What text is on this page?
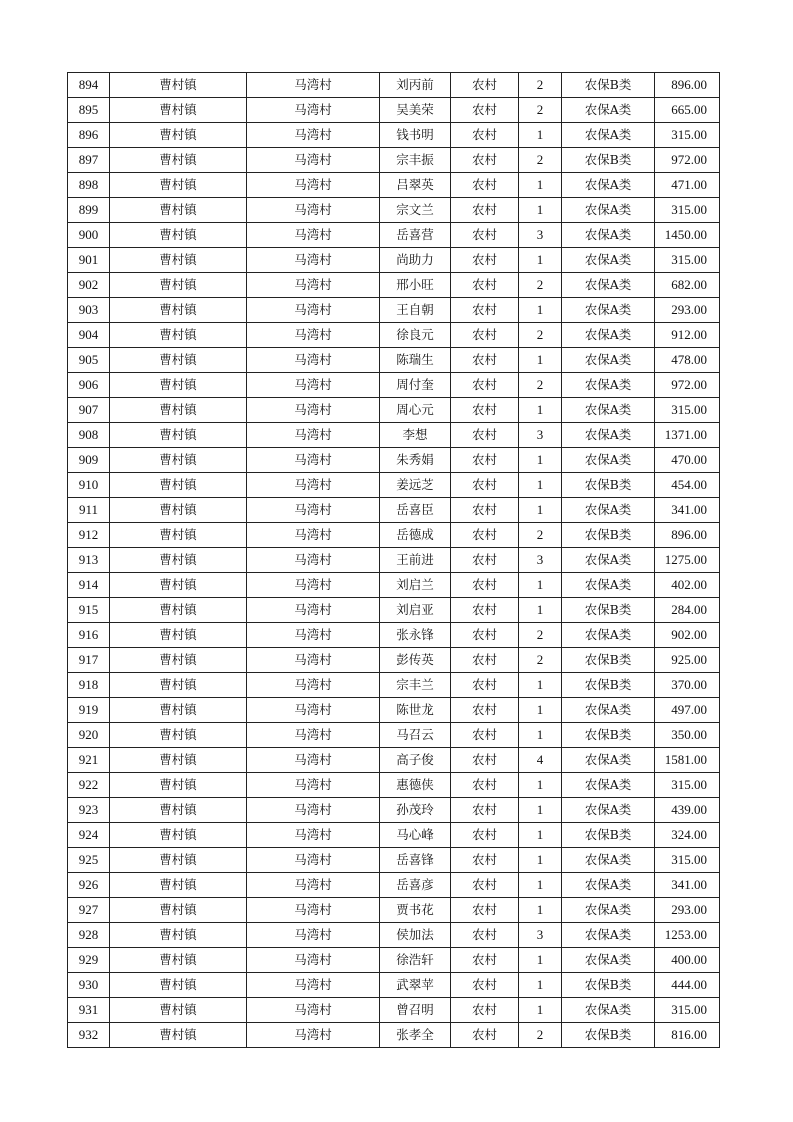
894	曹村镇	马湾村	刘丙前	农村	2	农保B类	896.00
895	曹村镇	马湾村	吴美荣	农村	2	农保A类	665.00
896	曹村镇	马湾村	钱书明	农村	1	农保A类	315.00
897	曹村镇	马湾村	宗丰振	农村	2	农保B类	972.00
898	曹村镇	马湾村	吕翠英	农村	1	农保A类	471.00
899	曹村镇	马湾村	宗文兰	农村	1	农保A类	315.00
900	曹村镇	马湾村	岳喜营	农村	3	农保A类	1450.00
901	曹村镇	马湾村	尚助力	农村	1	农保A类	315.00
902	曹村镇	马湾村	邢小旺	农村	2	农保A类	682.00
903	曹村镇	马湾村	王自朝	农村	1	农保A类	293.00
904	曹村镇	马湾村	徐良元	农村	2	农保A类	912.00
905	曹村镇	马湾村	陈瑞生	农村	1	农保A类	478.00
906	曹村镇	马湾村	周付奎	农村	2	农保A类	972.00
907	曹村镇	马湾村	周心元	农村	1	农保A类	315.00
908	曹村镇	马湾村	李想	农村	3	农保A类	1371.00
909	曹村镇	马湾村	朱秀娟	农村	1	农保A类	470.00
910	曹村镇	马湾村	姜远芝	农村	1	农保B类	454.00
911	曹村镇	马湾村	岳喜臣	农村	1	农保A类	341.00
912	曹村镇	马湾村	岳德成	农村	2	农保B类	896.00
913	曹村镇	马湾村	王前进	农村	3	农保A类	1275.00
914	曹村镇	马湾村	刘启兰	农村	1	农保A类	402.00
915	曹村镇	马湾村	刘启亚	农村	1	农保B类	284.00
916	曹村镇	马湾村	张永锋	农村	2	农保A类	902.00
917	曹村镇	马湾村	彭传英	农村	2	农保B类	925.00
918	曹村镇	马湾村	宗丰兰	农村	1	农保B类	370.00
919	曹村镇	马湾村	陈世龙	农村	1	农保A类	497.00
920	曹村镇	马湾村	马召云	农村	1	农保B类	350.00
921	曹村镇	马湾村	高子俊	农村	4	农保A类	1581.00
922	曹村镇	马湾村	惠德侠	农村	1	农保A类	315.00
923	曹村镇	马湾村	孙茂玲	农村	1	农保A类	439.00
924	曹村镇	马湾村	马心峰	农村	1	农保B类	324.00
925	曹村镇	马湾村	岳喜锋	农村	1	农保A类	315.00
926	曹村镇	马湾村	岳喜彦	农村	1	农保A类	341.00
927	曹村镇	马湾村	贾书花	农村	1	农保A类	293.00
928	曹村镇	马湾村	侯加法	农村	3	农保A类	1253.00
929	曹村镇	马湾村	徐浩轩	农村	1	农保A类	400.00
930	曹村镇	马湾村	武翠苹	农村	1	农保B类	444.00
931	曹村镇	马湾村	曾召明	农村	1	农保A类	315.00
932	曹村镇	马湾村	张孝全	农村	2	农保B类	816.00
